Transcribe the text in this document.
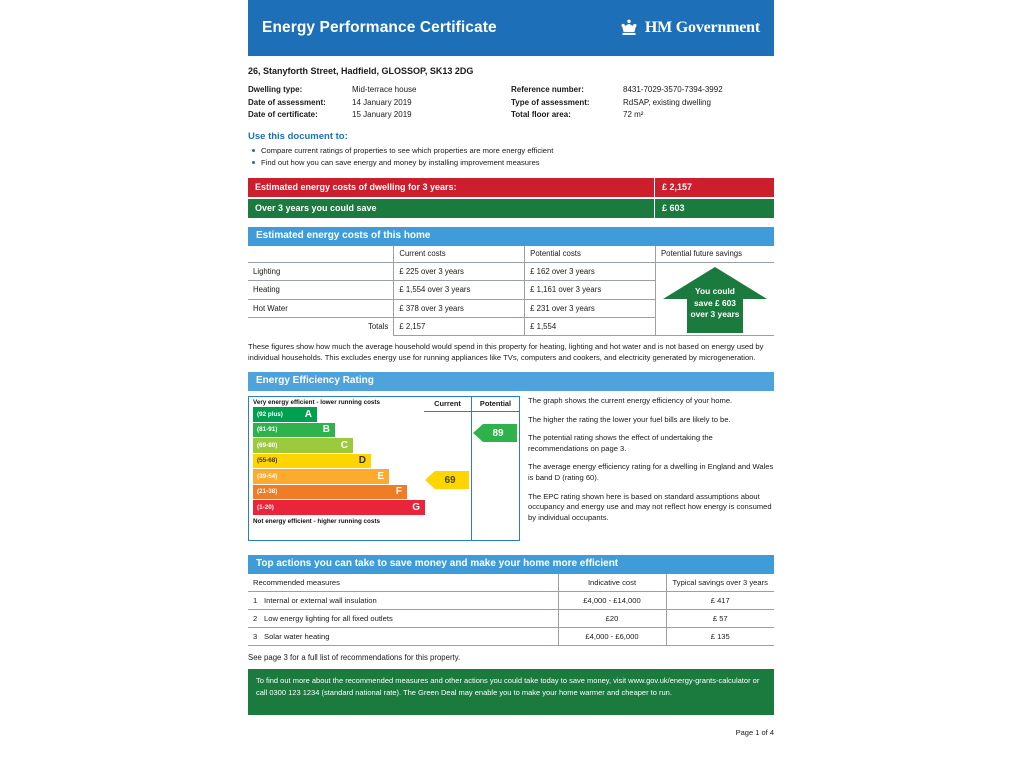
Energy Performance Certificate	HM Government
26, Stanyforth Street, Hadfield, GLOSSOP, SK13 2DG
Dwelling type:	Mid-terrace house
Date of assessment:	14 January 2019
Date of certificate:	15 January 2019
Reference number:	8431-7029-3570-7394-3992
Type of assessment:	RdSAP, existing dwelling
Total floor area:	72 m²
Use this document to:
Compare current ratings of properties to see which properties are more energy efficient
Find out how you can save energy and money by installing improvement measures
Estimated energy costs of dwelling for 3 years:	£ 2,157
Over 3 years you could save	£ 603
Estimated energy costs of this home
	Current costs	Potential costs	Potential future savings
Lighting	£ 225 over 3 years	£ 162 over 3 years	You could
save £ 603
over 3 years

Heating	£ 1,554 over 3 years	£ 1,161 over 3 years	
Hot Water	£ 378 over 3 years	£ 231 over 3 years	
Totals	£ 2,157	£ 1,554	
These figures show how much the average household would spend in this property for heating, lighting and hot water and is not based on energy used by individual households. This excludes energy use for running appliances like TVs, computers and cookers, and electricity generated by microgeneration.
Energy Efficiency Rating
Very energy efficient - lower running costs
(92 plus) A
(81-91)	B
(69-80)	C
(55-68)	D
(39-54)	E
(21-38)	F
(1-20)	G
Not energy efficient - higher running costs
Current
69
Potential
89

The graph shows the current energy efficiency of your home.

The higher the rating the lower your fuel bills are likely to be.

The potential rating shows the effect of undertaking the recommendations on page 3.

The average energy efficiency rating for a dwelling in England and Wales is band D (rating 60).

The EPC rating shown here is based on standard assumptions about occupancy and energy use and may not reflect how energy is consumed by individual occupants.

Top actions you can take to save money and make your home more efficient
Recommended measures	Indicative cost	Typical savings over 3 years
1 Internal or external wall insulation	£4,000 - £14,000	£ 417
2 Low energy lighting for all fixed outlets	£20	£ 57
3 Solar water heating	£4,000 - £6,000	£ 135
See page 3 for a full list of recommendations for this property.
To find out more about the recommended measures and other actions you could take today to save money, visit www.gov.uk/energy-grants-calculator or call 0300 123 1234 (standard national rate). The Green Deal may enable you to make your home warmer and cheaper to run.
Page 1 of 4
